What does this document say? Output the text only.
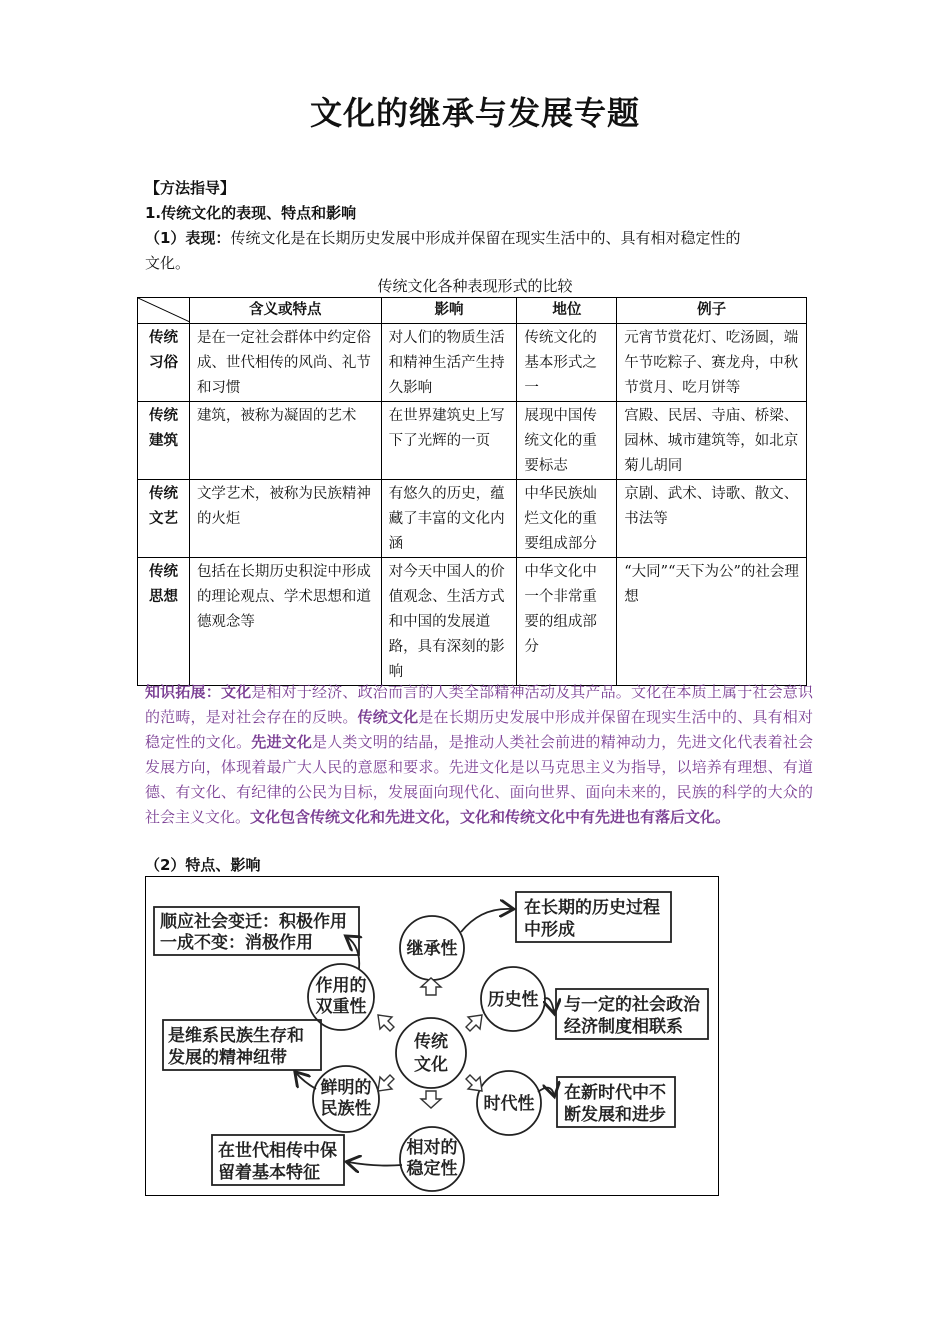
文化的继承与发展专题
【方法指导】
1.传统文化的表现、特点和影响
（1）表现：传统文化是在长期历史发展中形成并保留在现实生活中的、具有相对稳定性的
文化。
传统文化各种表现形式的比较
	含义或特点	影响	地位	例子
传统习俗	是在一定社会群体中约定俗成、世代相传的风尚、礼节和习惯	对人们的物质生活和精神生活产生持久影响	传统文化的基本形式之一	元宵节赏花灯、吃汤圆，端午节吃粽子、赛龙舟，中秋节赏月、吃月饼等
传统建筑	建筑，被称为凝固的艺术	在世界建筑史上写下了光辉的一页	展现中国传统文化的重要标志	宫殿、民居、寺庙、桥梁、园林、城市建筑等，如北京菊儿胡同
传统文艺	文学艺术，被称为民族精神的火炬	有悠久的历史，蕴藏了丰富的文化内涵	中华民族灿烂文化的重要组成部分	京剧、武术、诗歌、散文、书法等
传统思想	包括在长期历史积淀中形成的理论观点、学术思想和道德观念等	对今天中国人的价值观念、生活方式和中国的发展道路，具有深刻的影响	中华文化中一个非常重要的组成部分	“大同”“天下为公”的社会理想
知识拓展：文化是相对于经济、政治而言的人类全部精神活动及其产品。文化在本质上属于社会意识的范畴，是对社会存在的反映。传统文化是在长期历史发展中形成并保留在现实生活中的、具有相对稳定性的文化。先进文化是人类文明的结晶，是推动人类社会前进的精神动力，先进文化代表着社会发展方向，体现着最广大人民的意愿和要求。先进文化是以马克思主义为指导，以培养有理想、有道德、有文化、有纪律的公民为目标，发展面向现代化、面向世界、面向未来的，民族的科学的大众的社会主义文化。文化包含传统文化和先进文化，文化和传统文化中有先进也有落后文化。
（2）特点、影响
传统
文化
继承性
历史性
时代性
相对的
稳定性
鲜明的
民族性
作用的
双重性
在长期的历史过程
中形成
与一定的社会政治
经济制度相联系
在新时代中不
断发展和进步
在世代相传中保
留着基本特征
是维系民族生存和
发展的精神纽带
顺应社会变迁：积极作用
一成不变：消极作用
